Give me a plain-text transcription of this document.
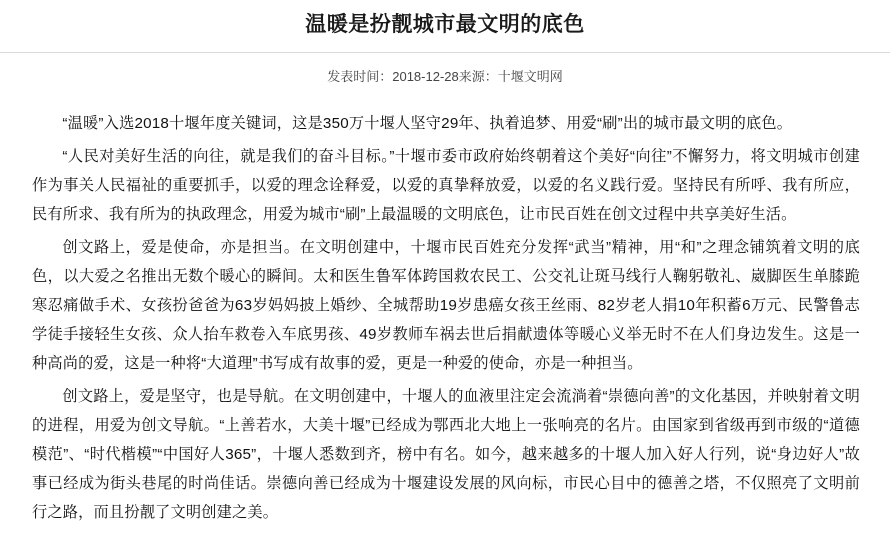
温暖是扮靓城市最文明的底色
发表时间：2018-12-28来源：十堰文明网

“温暖”入选2018十堰年度关键词，这是350万十堰人坚守29年、执着追梦、用爱“刷”出的城市最文明的底色。

“人民对美好生活的向往，就是我们的奋斗目标。”十堰市委市政府始终朝着这个美好“向往”不懈努力，将文明城市创建作为事关人民福祉的重要抓手，以爱的理念诠释爱，以爱的真挚释放爱，以爱的名义践行爱。坚持民有所呼、我有所应，民有所求、我有所为的执政理念，用爱为城市“刷”上最温暖的文明底色，让市民百姓在创文过程中共享美好生活。

创文路上，爱是使命，亦是担当。在文明创建中，十堰市民百姓充分发挥“武当”精神，用“和”之理念铺筑着文明的底色，以大爱之名推出无数个暖心的瞬间。太和医生鲁军体跨国救农民工、公交礼让斑马线行人鞠躬敬礼、崴脚医生单膝跪寒忍痛做手术、女孩扮爸爸为63岁妈妈披上婚纱、全城帮助19岁患癌女孩王丝雨、82岁老人捐10年积蓄6万元、民警鲁志学徒手接轻生女孩、众人抬车救卷入车底男孩、49岁教师车祸去世后捐献遗体等暖心义举无时不在人们身边发生。这是一种高尚的爱，这是一种将“大道理”书写成有故事的爱，更是一种爱的使命，亦是一种担当。

创文路上，爱是坚守，也是导航。在文明创建中，十堰人的血液里注定会流淌着“崇德向善”的文化基因，并映射着文明的进程，用爱为创文导航。“上善若水，大美十堰”已经成为鄂西北大地上一张响亮的名片。由国家到省级再到市级的“道德模范”、“时代楷模”“中国好人365”，十堰人悉数到齐，榜中有名。如今，越来越多的十堰人加入好人行列，说“身边好人”故事已经成为街头巷尾的时尚佳话。崇德向善已经成为十堰建设发展的风向标，市民心目中的德善之塔，不仅照亮了文明前行之路，而且扮靓了文明创建之美。
